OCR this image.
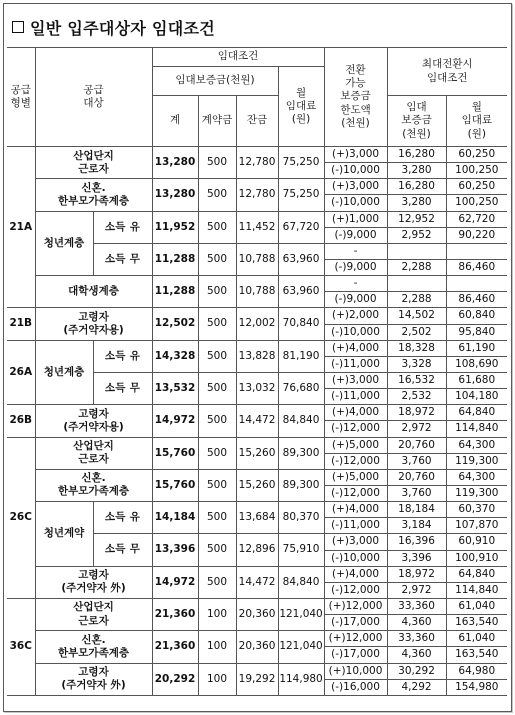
일반 입주대상자 임대조건
공급
형별	공급
대상		임대조건				전환
가능
보증금
한도액
(천원)	최대전환시
임대조건	
			임대보증금(천원)			월
임대료
(원)			
			계	계약금	잔금			임대
보증금
(천원)	월
임대료
(원)
21A	산업단지
근로자		13,280	500	12,780	75,250	(+)3,000	16,280	60,250
							(-)10,000	3,280	100,250
	신혼.
한부모가족계층		13,280	500	12,780	75,250	(+)3,000	16,280	60,250
							(-)10,000	3,280	100,250
	청년계층	소득 유	11,952	500	11,452	67,720	(+)1,000	12,952	62,720
							(-)9,000	2,952	90,220
		소득 무	11,288	500	10,788	63,960	-		
							(-)9,000	2,288	86,460
	대학생계층		11,288	500	10,788	63,960	-		
							(-)9,000	2,288	86,460
21B	고령자
(주거약자용)		12,502	500	12,002	70,840	(+)2,000	14,502	60,840
							(-)10,000	2,502	95,840
26A	청년계층	소득 유	14,328	500	13,828	81,190	(+)4,000	18,328	61,190
							(-)11,000	3,328	108,690
		소득 무	13,532	500	13,032	76,680	(+)3,000	16,532	61,680
							(-)11,000	2,532	104,180
26B	고령자
(주거약자용)		14,972	500	14,472	84,840	(+)4,000	18,972	64,840
							(-)12,000	2,972	114,840
26C	산업단지
근로자		15,760	500	15,260	89,300	(+)5,000	20,760	64,300
							(-)12,000	3,760	119,300
	신혼.
한부모가족계층		15,760	500	15,260	89,300	(+)5,000	20,760	64,300
							(-)12,000	3,760	119,300
	청년계약	소득 유	14,184	500	13,684	80,370	(+)4,000	18,184	60,370
							(-)11,000	3,184	107,870
		소득 무	13,396	500	12,896	75,910	(+)3,000	16,396	60,910
							(-)10,000	3,396	100,910
	고령자
(주거약자 外)		14,972	500	14,472	84,840	(+)4,000	18,972	64,840
							(-)12,000	2,972	114,840
36C	산업단지
근로자		21,360	100	20,360	121,040	(+)12,000	33,360	61,040
							(-)17,000	4,360	163,540
	신혼.
한부모가족계층		21,360	100	20,360	121,040	(+)12,000	33,360	61,040
							(-)17,000	4,360	163,540
	고령자
(주거약자 外)		20,292	100	19,292	114,980	(+)10,000	30,292	64,980
							(-)16,000	4,292	154,980
